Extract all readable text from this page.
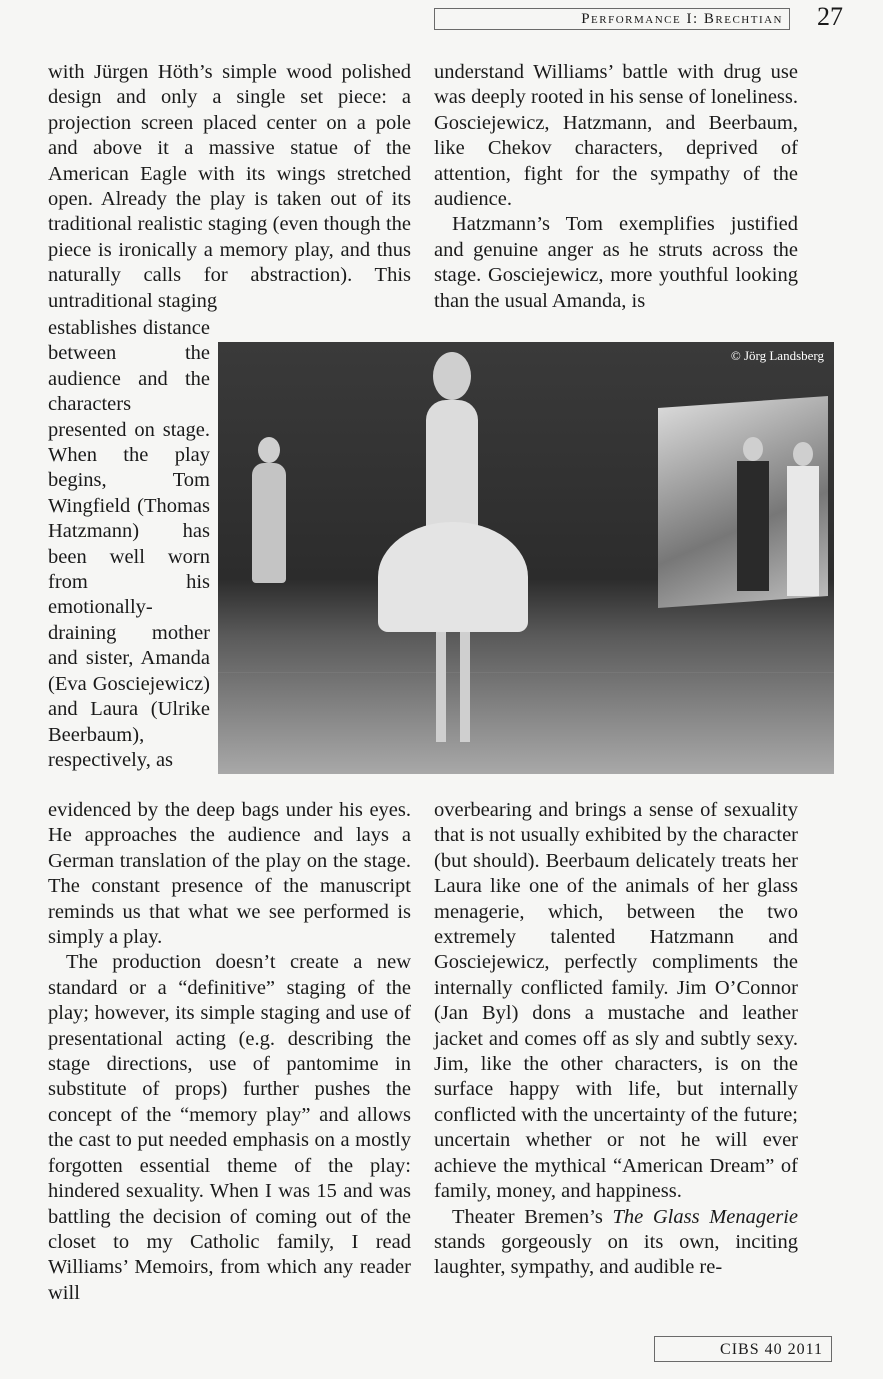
Performance I: Brechtian	27

with Jürgen Höth’s simple wood polished design and only a single set piece: a projection screen placed center on a pole and above it a massive statue of the American Eagle with its wings stretched open. Already the play is taken out of its traditional realistic staging (even though the piece is ironically a memory play, and thus naturally calls for abstraction). This untraditional staging

establishes distance between the audience and the characters presented on stage. When the play begins, Tom Wingfield (Thomas Hatzmann) has been well worn from his emotionally-draining mother and sister, Amanda (Eva Gosciejewicz) and Laura (Ulrike Beerbaum), respectively, as

© Jörg Landsberg

evidenced by the deep bags under his eyes. He approaches the audience and lays a German translation of the play on the stage. The constant presence of the manuscript reminds us that what we see performed is simply a play.

The production doesn’t create a new standard or a “definitive” staging of the play; however, its simple staging and use of presentational acting (e.g. describing the stage directions, use of pantomime in substitute of props) further pushes the concept of the “memory play” and allows the cast to put needed emphasis on a mostly forgotten essential theme of the play: hindered sexuality. When I was 15 and was battling the decision of coming out of the closet to my Catholic family, I read Williams’ Memoirs, from which any reader will

understand Williams’ battle with drug use was deeply rooted in his sense of loneliness. Gosciejewicz, Hatzmann, and Beerbaum, like Chekov characters, deprived of attention, fight for the sympathy of the audience.

Hatzmann’s Tom exemplifies justified and genuine anger as he struts across the stage. Gosciejewicz, more youthful looking than the usual Amanda, is

overbearing and brings a sense of sexuality that is not usually exhibited by the character (but should). Beerbaum delicately treats her Laura like one of the animals of her glass menagerie, which, between the two extremely talented Hatzmann and Gosciejewicz, perfectly compliments the internally conflicted family. Jim O’Connor (Jan Byl) dons a mustache and leather jacket and comes off as sly and subtly sexy. Jim, like the other characters, is on the surface happy with life, but internally conflicted with the uncertainty of the future; uncertain whether or not he will ever achieve the mythical “American Dream” of family, money, and happiness.

Theater Bremen’s The Glass Menagerie stands gorgeously on its own, inciting laughter, sympathy, and audible re-

CIBS 40 2011
